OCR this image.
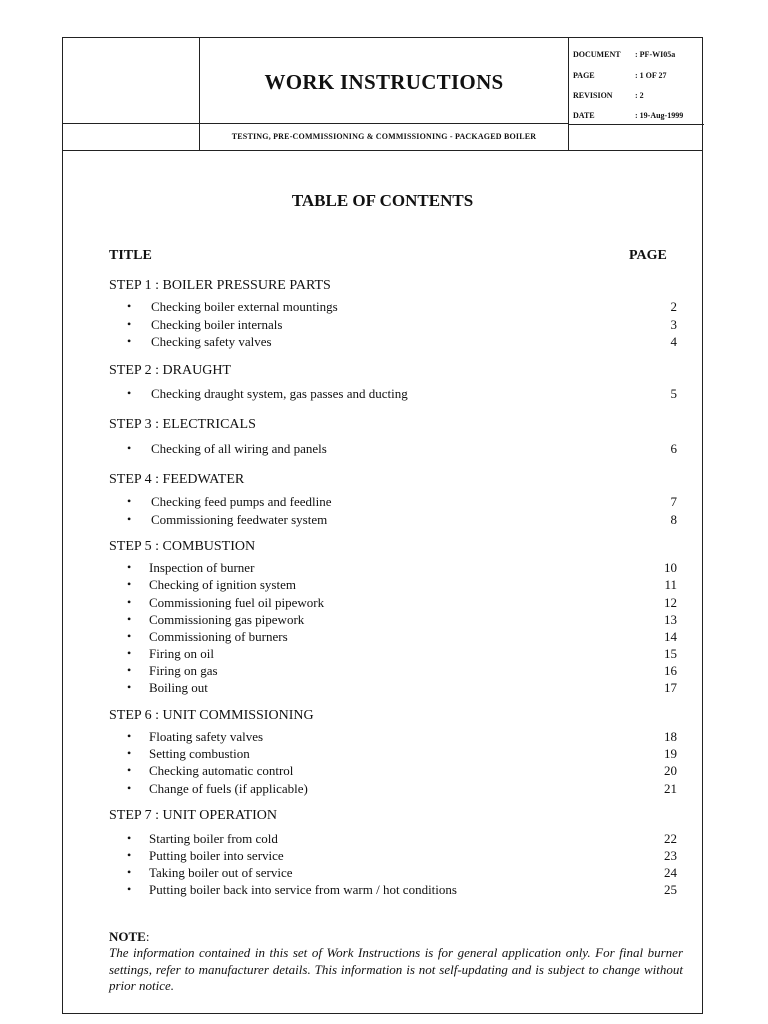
WORK INSTRUCTIONS
TESTING, PRE-COMMISSIONING & COMMISSIONING - PACKAGED BOILER
DOCUMENT : PF-WI05a
PAGE	: 1 OF 27
REVISION	: 2
DATE	: 19-Aug-1999
TABLE OF CONTENTS
TITLE	PAGE
STEP 1 : BOILER PRESSURE PARTS
• Checking boiler external mountings	2
• Checking boiler internals	3
• Checking safety valves	4
STEP 2 : DRAUGHT
• Checking draught system, gas passes and ducting	5
STEP 3 : ELECTRICALS
• Checking of all wiring and panels	6
STEP 4 : FEEDWATER
• Checking feed pumps and feedline	7
• Commissioning feedwater system	8
STEP 5 : COMBUSTION
• Inspection of burner	10
• Checking of ignition system	11
• Commissioning fuel oil pipework	12
• Commissioning gas pipework	13
• Commissioning of burners	14
• Firing on oil	15
• Firing on gas	16
• Boiling out	17
STEP 6 : UNIT COMMISSIONING
• Floating safety valves	18
• Setting combustion	19
• Checking automatic control	20
• Change of fuels (if applicable)	21
STEP 7 : UNIT OPERATION
• Starting boiler from cold	22
• Putting boiler into service	23
• Taking boiler out of service	24
• Putting boiler back into service from warm / hot conditions	25
NOTE:
The information contained in this set of Work Instructions is for general application only. For final burner settings, refer to manufacturer details. This information is not self-updating and is subject to change without prior notice.
